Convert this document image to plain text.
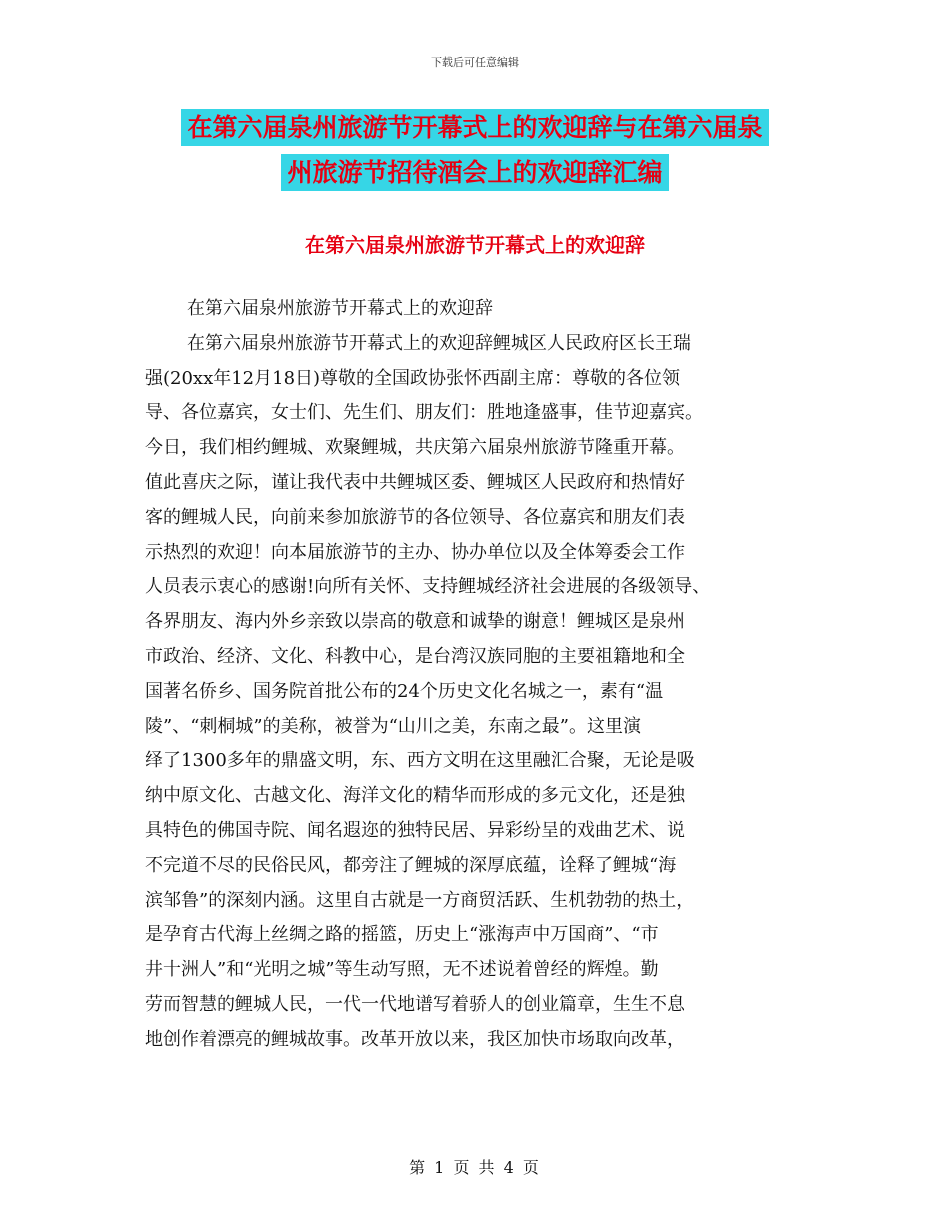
下载后可任意编辑
在第六届泉州旅游节开幕式上的欢迎辞与在第六届泉
州旅游节招待酒会上的欢迎辞汇编
在第六届泉州旅游节开幕式上的欢迎辞
在第六届泉州旅游节开幕式上的欢迎辞
在第六届泉州旅游节开幕式上的欢迎辞鲤城区人民政府区长王瑞
强(20xx年12月18日)尊敬的全国政协张怀西副主席：尊敬的各位领
导、各位嘉宾，女士们、先生们、朋友们：胜地逢盛事，佳节迎嘉宾。
今日，我们相约鲤城、欢聚鲤城，共庆第六届泉州旅游节隆重开幕。
值此喜庆之际，谨让我代表中共鲤城区委、鲤城区人民政府和热情好
客的鲤城人民，向前来参加旅游节的各位领导、各位嘉宾和朋友们表
示热烈的欢迎！向本届旅游节的主办、协办单位以及全体筹委会工作
人员表示衷心的感谢!向所有关怀、支持鲤城经济社会进展的各级领导、
各界朋友、海内外乡亲致以崇高的敬意和诚挚的谢意！鲤城区是泉州
市政治、经济、文化、科教中心，是台湾汉族同胞的主要祖籍地和全
国著名侨乡、国务院首批公布的24个历史文化名城之一，素有“温
陵”、“刺桐城”的美称，被誉为“山川之美，东南之最”。这里演
绎了1300多年的鼎盛文明，东、西方文明在这里融汇合聚，无论是吸
纳中原文化、古越文化、海洋文化的精华而形成的多元文化，还是独
具特色的佛国寺院、闻名遐迩的独特民居、异彩纷呈的戏曲艺术、说
不完道不尽的民俗民风，都旁注了鲤城的深厚底蕴，诠释了鲤城“海
滨邹鲁”的深刻内涵。这里自古就是一方商贸活跃、生机勃勃的热土，
是孕育古代海上丝绸之路的摇篮，历史上“涨海声中万国商”、“市
井十洲人”和“光明之城”等生动写照，无不述说着曾经的辉煌。勤
劳而智慧的鲤城人民，一代一代地谱写着骄人的创业篇章，生生不息
地创作着漂亮的鲤城故事。改革开放以来，我区加快市场取向改革，
第 1 页 共 4 页
